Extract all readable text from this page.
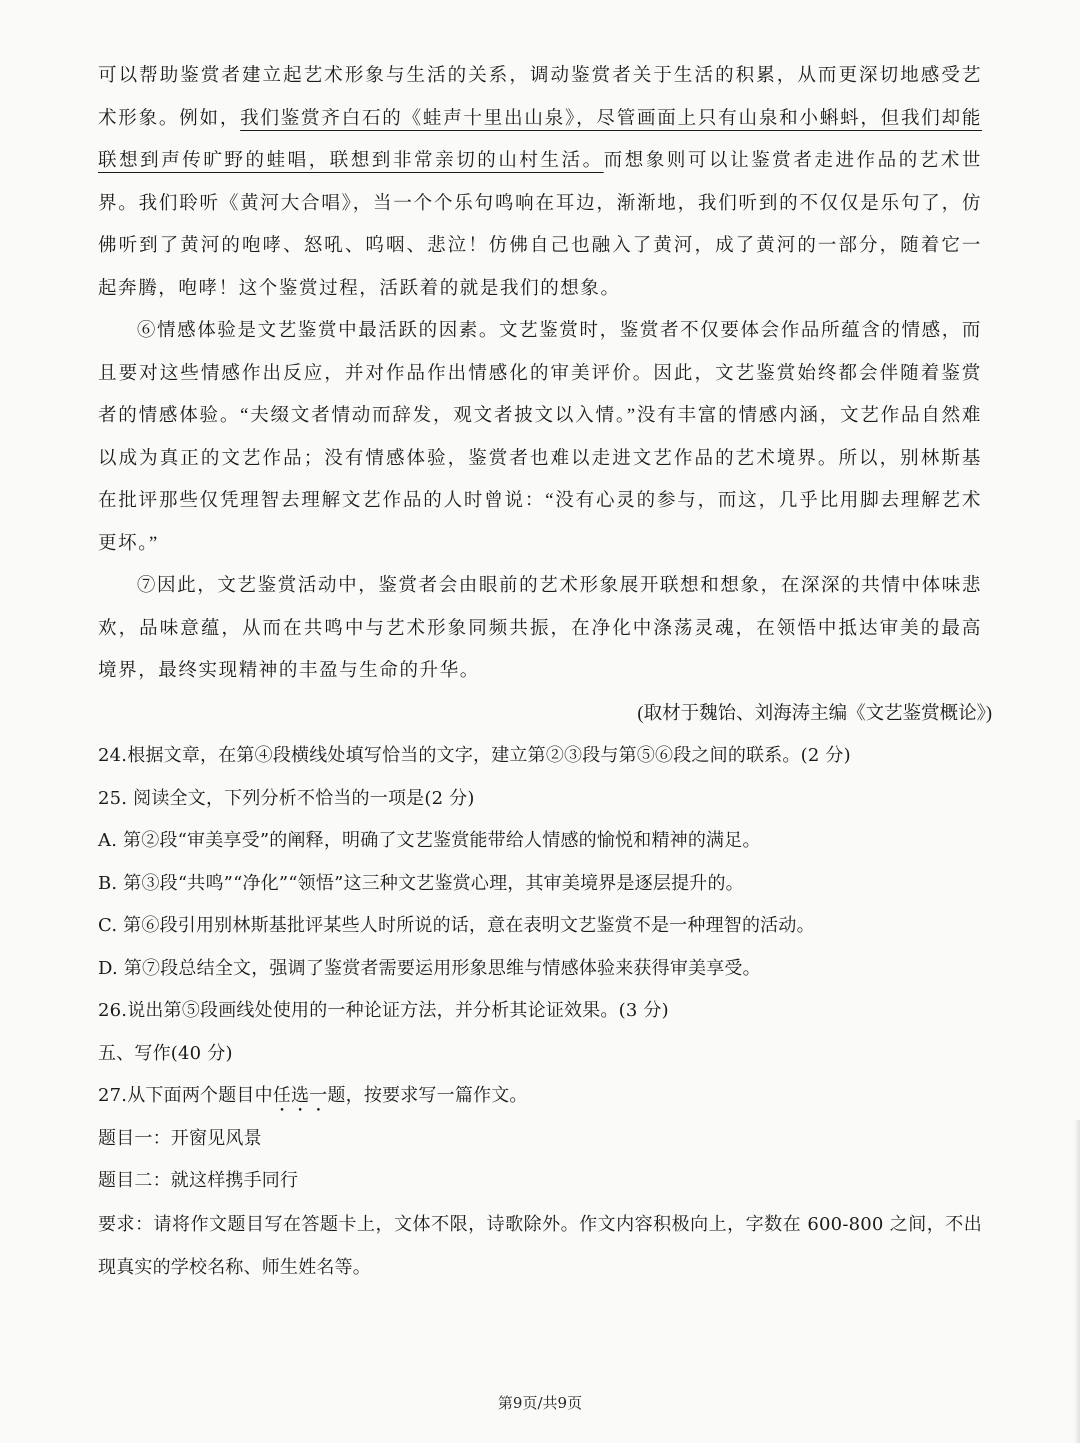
可以帮助鉴赏者建立起艺术形象与生活的关系，调动鉴赏者关于生活的积累，从而更深切地感受艺术形象。例如，我们鉴赏齐白石的《蛙声十里出山泉》，尽管画面上只有山泉和小蝌蚪，但我们却能联想到声传旷野的蛙唱，联想到非常亲切的山村生活。而想象则可以让鉴赏者走进作品的艺术世界。我们聆听《黄河大合唱》，当一个个乐句鸣响在耳边，渐渐地，我们听到的不仅仅是乐句了，仿佛听到了黄河的咆哮、怒吼、呜咽、悲泣！仿佛自己也融入了黄河，成了黄河的一部分，随着它一起奔腾，咆哮！这个鉴赏过程，活跃着的就是我们的想象。

⑥情感体验是文艺鉴赏中最活跃的因素。文艺鉴赏时，鉴赏者不仅要体会作品所蕴含的情感，而且要对这些情感作出反应，并对作品作出情感化的审美评价。因此，文艺鉴赏始终都会伴随着鉴赏者的情感体验。“夫缀文者情动而辞发，观文者披文以入情。”没有丰富的情感内涵，文艺作品自然难以成为真正的文艺作品；没有情感体验，鉴赏者也难以走进文艺作品的艺术境界。所以，别林斯基在批评那些仅凭理智去理解文艺作品的人时曾说：“没有心灵的参与，而这，几乎比用脚去理解艺术更坏。”

⑦因此，文艺鉴赏活动中，鉴赏者会由眼前的艺术形象展开联想和想象，在深深的共情中体味悲欢，品味意蕴，从而在共鸣中与艺术形象同频共振，在净化中涤荡灵魂，在领悟中抵达审美的最高境界，最终实现精神的丰盈与生命的升华。

(取材于魏饴、刘海涛主编《文艺鉴赏概论》)

24.根据文章，在第④段横线处填写恰当的文字，建立第②③段与第⑤⑥段之间的联系。(2 分)

25. 阅读全文，下列分析不恰当的一项是(2 分)

A. 第②段“审美享受”的阐释，明确了文艺鉴赏能带给人情感的愉悦和精神的满足。

B. 第③段“共鸣”“净化”“领悟”这三种文艺鉴赏心理，其审美境界是逐层提升的。

C. 第⑥段引用别林斯基批评某些人时所说的话，意在表明文艺鉴赏不是一种理智的活动。

D. 第⑦段总结全文，强调了鉴赏者需要运用形象思维与情感体验来获得审美享受。

26.说出第⑤段画线处使用的一种论证方法，并分析其论证效果。(3 分)

五、写作(40 分)

27.从下面两个题目中任选一题，按要求写一篇作文。

题目一：开窗见风景

题目二：就这样携手同行

要求：请将作文题目写在答题卡上，文体不限，诗歌除外。作文内容积极向上，字数在 600-800 之间，不出现真实的学校名称、师生姓名等。

第9页/共9页
